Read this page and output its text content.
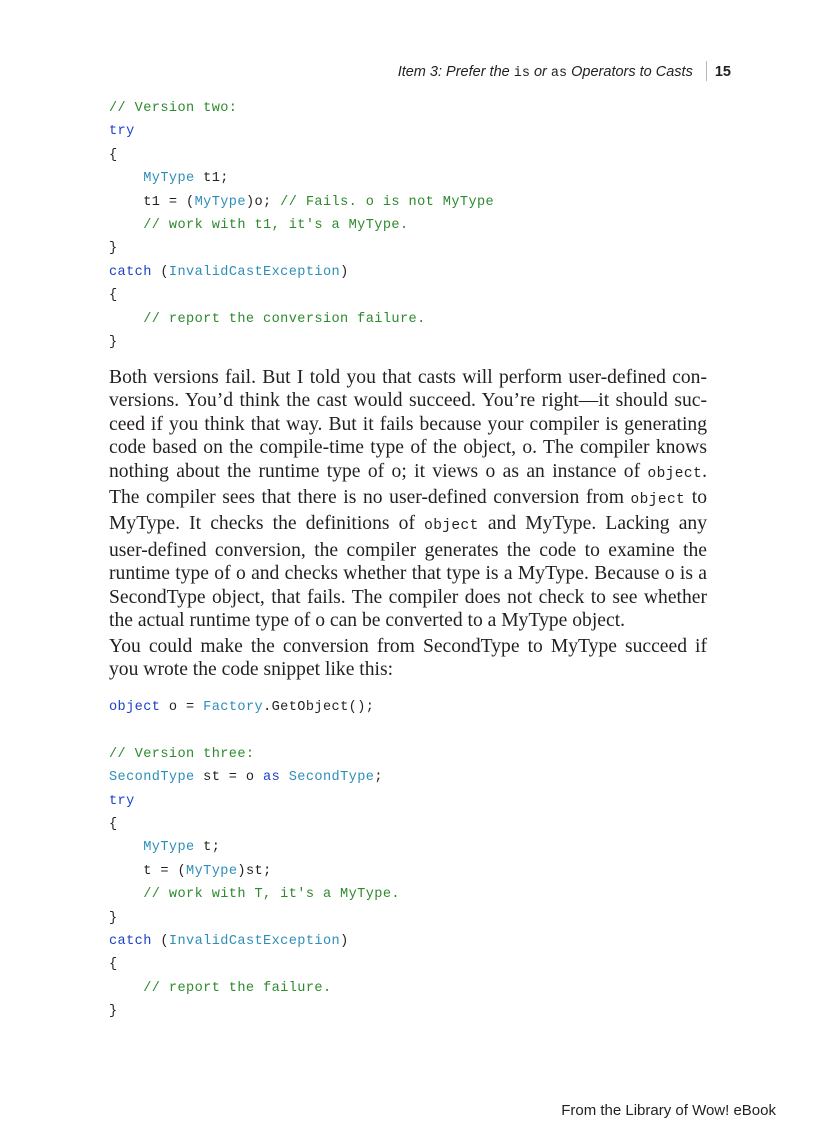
Item 3: Prefer the is or as Operators to Casts 15
// Version two:
try
{
MyType t1;
t1 = (MyType)o; // Fails. o is not MyType
// work with t1, it's a MyType.
}
catch (InvalidCastException)
{
// report the conversion failure.
}

Both versions fail. But I told you that casts will perform user-defined con-versions. You’d think the cast would succeed. You’re right—it should suc-ceed if you think that way. But it fails because your compiler is generating code based on the compile-time type of the object, o. The compiler knows nothing about the runtime type of o; it views o as an instance of object. The compiler sees that there is no user-defined conversion from object to MyType. It checks the definitions of object and MyType. Lacking any user-defined conversion, the compiler generates the code to examine the runtime type of o and checks whether that type is a MyType. Because o is a SecondType object, that fails. The compiler does not check to see whether the actual runtime type of o can be converted to a MyType object.

You could make the conversion from SecondType to MyType succeed if you wrote the code snippet like this:

object o = Factory.GetObject();
// Version three:
SecondType st = o as SecondType;
try
{
MyType t;
t = (MyType)st;
// work with T, it's a MyType.
}
catch (InvalidCastException)
{
// report the failure.
}
From the Library of Wow! eBook
